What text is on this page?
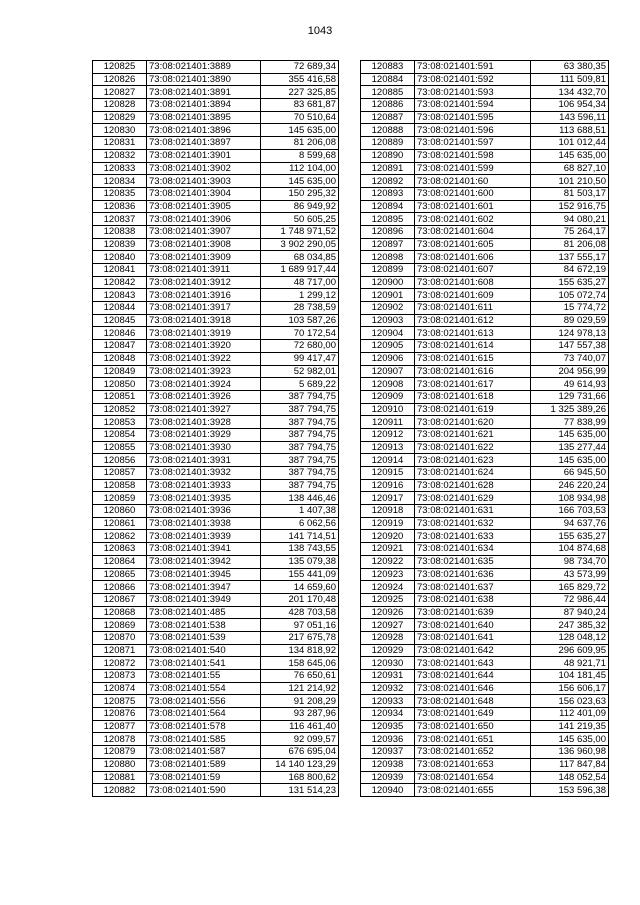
1043
120825	73:08:021401:3889	72 689,34
120826	73:08:021401:3890	355 416,58
120827	73:08:021401:3891	227 325,85
120828	73:08:021401:3894	83 681,87
120829	73:08:021401:3895	70 510,64
120830	73:08:021401:3896	145 635,00
120831	73:08:021401:3897	81 206,08
120832	73:08:021401:3901	8 599,68
120833	73:08:021401:3902	112 104,00
120834	73:08:021401:3903	145 635,00
120835	73:08:021401:3904	150 295,32
120836	73:08:021401:3905	86 949,92
120837	73:08:021401:3906	50 605,25
120838	73:08:021401:3907	1 748 971,52
120839	73:08:021401:3908	3 902 290,05
120840	73:08:021401:3909	68 034,85
120841	73:08:021401:3911	1 689 917,44
120842	73:08:021401:3912	48 717,00
120843	73:08:021401:3916	1 299,12
120844	73:08:021401:3917	28 738,59
120845	73:08:021401:3918	103 587,26
120846	73:08:021401:3919	70 172,54
120847	73:08:021401:3920	72 680,00
120848	73:08:021401:3922	99 417,47
120849	73:08:021401:3923	52 982,01
120850	73:08:021401:3924	5 689,22
120851	73:08:021401:3926	387 794,75
120852	73:08:021401:3927	387 794,75
120853	73:08:021401:3928	387 794,75
120854	73:08:021401:3929	387 794,75
120855	73:08:021401:3930	387 794,75
120856	73:08:021401:3931	387 794,75
120857	73:08:021401:3932	387 794,75
120858	73:08:021401:3933	387 794,75
120859	73:08:021401:3935	138 446,46
120860	73:08:021401:3936	1 407,38
120861	73:08:021401:3938	6 062,56
120862	73:08:021401:3939	141 714,51
120863	73:08:021401:3941	138 743,55
120864	73:08:021401:3942	135 079,38
120865	73:08:021401:3945	155 441,09
120866	73:08:021401:3947	14 659,60
120867	73:08:021401:3949	201 170,48
120868	73:08:021401:485	428 703,58
120869	73:08:021401:538	97 051,16
120870	73:08:021401:539	217 675,78
120871	73:08:021401:540	134 818,92
120872	73:08:021401:541	158 645,06
120873	73:08:021401:55	76 650,61
120874	73:08:021401:554	121 214,92
120875	73:08:021401:556	91 208,29
120876	73:08:021401:564	93 287,96
120877	73:08:021401:578	116 461,40
120878	73:08:021401:585	92 099,57
120879	73:08:021401:587	676 695,04
120880	73:08:021401:589	14 140 123,29
120881	73:08:021401:59	168 800,62
120882	73:08:021401:590	131 514,23
120883	73:08:021401:591	63 380,35
120884	73:08:021401:592	111 509,81
120885	73:08:021401:593	134 432,70
120886	73:08:021401:594	106 954,34
120887	73:08:021401:595	143 596,11
120888	73:08:021401:596	113 688,51
120889	73:08:021401:597	101 012,44
120890	73:08:021401:598	145 635,00
120891	73:08:021401:599	68 827,10
120892	73:08:021401:60	101 210,50
120893	73:08:021401:600	81 503,17
120894	73:08:021401:601	152 916,75
120895	73:08:021401:602	94 080,21
120896	73:08:021401:604	75 264,17
120897	73:08:021401:605	81 206,08
120898	73:08:021401:606	137 555,17
120899	73:08:021401:607	84 672,19
120900	73:08:021401:608	155 635,27
120901	73:08:021401:609	105 072,74
120902	73:08:021401:611	15 774,72
120903	73:08:021401:612	89 029,59
120904	73:08:021401:613	124 978,13
120905	73:08:021401:614	147 557,38
120906	73:08:021401:615	73 740,07
120907	73:08:021401:616	204 956,99
120908	73:08:021401:617	49 614,93
120909	73:08:021401:618	129 731,66
120910	73:08:021401:619	1 325 389,26
120911	73:08:021401:620	77 838,99
120912	73:08:021401:621	145 635,00
120913	73:08:021401:622	135 277,44
120914	73:08:021401:623	145 635,00
120915	73:08:021401:624	66 945,50
120916	73:08:021401:628	246 220,24
120917	73:08:021401:629	108 934,98
120918	73:08:021401:631	166 703,53
120919	73:08:021401:632	94 637,76
120920	73:08:021401:633	155 635,27
120921	73:08:021401:634	104 874,68
120922	73:08:021401:635	98 734,70
120923	73:08:021401:636	43 573,99
120924	73:08:021401:637	165 829,72
120925	73:08:021401:638	72 986,44
120926	73:08:021401:639	87 940,24
120927	73:08:021401:640	247 385,32
120928	73:08:021401:641	128 048,12
120929	73:08:021401:642	296 609,95
120930	73:08:021401:643	48 921,71
120931	73:08:021401:644	104 181,45
120932	73:08:021401:646	156 606,17
120933	73:08:021401:648	156 023,63
120934	73:08:021401:649	112 401,09
120935	73:08:021401:650	141 219,35
120936	73:08:021401:651	145 635,00
120937	73:08:021401:652	136 960,98
120938	73:08:021401:653	117 847,84
120939	73:08:021401:654	148 052,54
120940	73:08:021401:655	153 596,38
